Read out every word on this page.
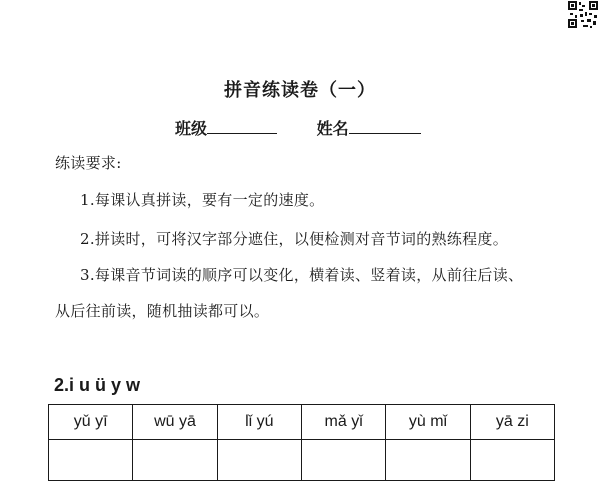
拼音练读卷（一）
班级	姓名
练读要求:
1.每课认真拼读，要有一定的速度。
2.拼读时，可将汉字部分遮住，以便检测对音节词的熟练程度。
3.每课音节词读的顺序可以变化，横着读、竖着读，从前往后读、
从后往前读，随机抽读都可以。
2.i u ü y w
yǔ yī	wū yā	lǐ yú	mǎ yǐ	yù mǐ	yā zi
